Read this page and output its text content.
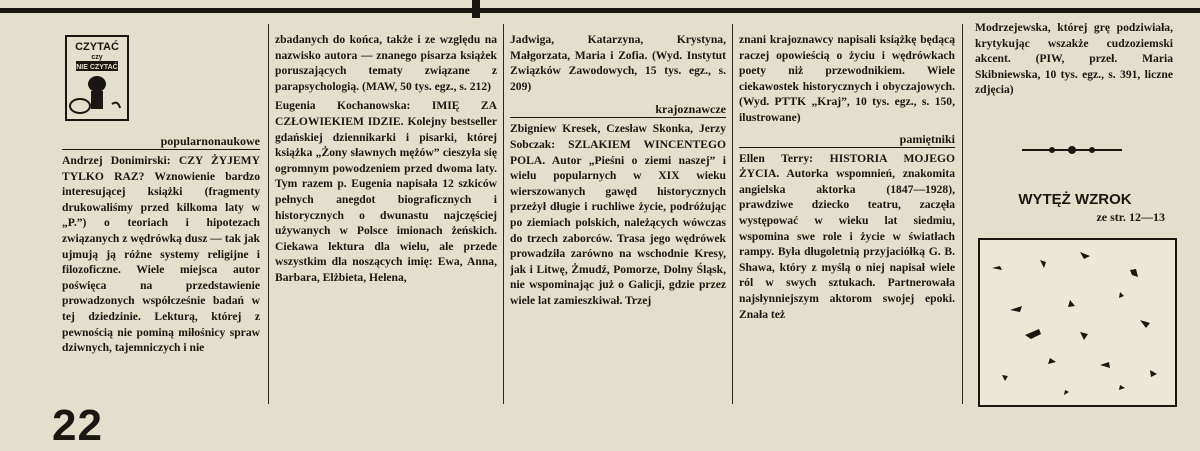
CZYTAĆ
czy
NIE CZYTAĆ
popularnonaukowe

Andrzej Donimirski: CZY ŻYJEMY TYLKO RAZ? Wznowienie bardzo interesującej książki (fragmenty drukowaliśmy przed kilkoma laty w „P.”) o teoriach i hipotezach związanych z wędrówką dusz — tak jak ujmują ją różne systemy religijne i filozoficzne. Wiele miejsca autor poświęca na przedstawienie prowadzonych współcześnie badań w tej dziedzinie. Lekturą, której z pewnością nie pominą miłośnicy spraw dziwnych, tajemniczych i nie

zbadanych do końca, także i ze względu na nazwisko autora — znanego pisarza książek poruszających tematy związane z parapsychologią. (MAW, 50 tys. egz., s. 212)

Eugenia Kochanowska: IMIĘ ZA CZŁOWIEKIEM IDZIE. Kolejny bestseller gdańskiej dziennikarki i pisarki, której książka „Żony sławnych mężów” cieszyła się ogromnym powodzeniem przed dwoma laty. Tym razem p. Eugenia napisała 12 szkiców pełnych anegdot biograficznych i historycznych o dwunastu najczęściej używanych w Polsce imionach żeńskich. Ciekawa lektura dla wielu, ale przede wszystkim dla noszących imię: Ewa, Anna, Barbara, Elżbieta, Helena,

Jadwiga, Katarzyna, Krystyna, Małgorzata, Maria i Zofia. (Wyd. Instytut Związków Zawodowych, 15 tys. egz., s. 209)

krajoznawcze

Zbigniew Kresek, Czesław Skonka, Jerzy Sobczak: SZLAKIEM WINCENTEGO POLA. Autor „Pieśni o ziemi naszej” i wielu popularnych w XIX wieku wierszowanych gawęd historycznych przeżył długie i ruchliwe życie, podróżując po ziemiach polskich, należących wówczas do trzech zaborców. Trasa jego wędrówek prowadziła zarówno na wschodnie Kresy, jak i Litwę, Żmudź, Pomorze, Dolny Śląsk, nie wspominając już o Galicji, gdzie przez wiele lat zamieszkiwał. Trzej

znani krajoznawcy napisali książkę będącą raczej opowieścią o życiu i wędrówkach poety niż przewodnikiem. Wiele ciekawostek historycznych i obyczajowych. (Wyd. PTTK „Kraj”, 10 tys. egz., s. 150, ilustrowane)

pamiętniki

Ellen Terry: HISTORIA MOJEGO ŻYCIA. Autorka wspomnień, znakomita angielska aktorka (1847—1928), prawdziwe dziecko teatru, zaczęła występować w wieku lat siedmiu, wspomina swe role i życie w światłach rampy. Była długoletnią przyjaciółką G. B. Shawa, który z myślą o niej napisał wiele ról w swych sztukach. Partnerowała najsłynniejszym aktorom swojej epoki. Znała też

Modrzejewska, której grę podziwiała, krytykując wszakże cudzoziemski akcent. (PIW, przeł. Maria Skibniewska, 10 tys. egz., s. 391, liczne zdjęcia)

WYTĘŻ WZROK
ze str. 12—13
22
